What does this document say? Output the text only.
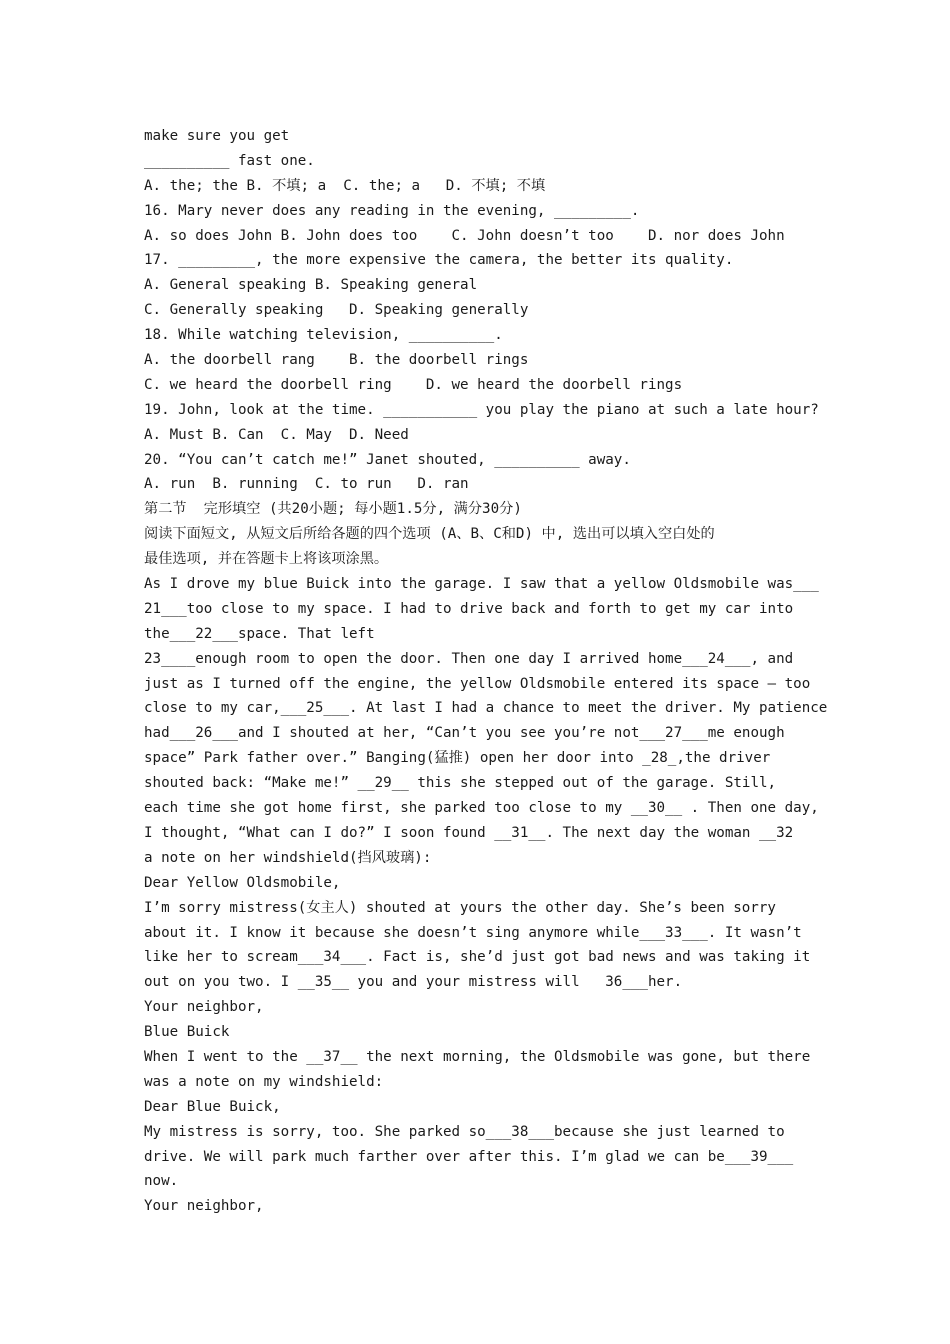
make sure you get
__________ fast one.
A. the; the B. 不填; a  C. the; a   D. 不填; 不填
16. Mary never does any reading in the evening, _________.
A. so does John B. John does too    C. John doesn’t too    D. nor does John
17. _________, the more expensive the camera, the better its quality.
A. General speaking B. Speaking general
C. Generally speaking   D. Speaking generally
18. While watching television, __________.
A. the doorbell rang    B. the doorbell rings
C. we heard the doorbell ring    D. we heard the doorbell rings
19. John, look at the time. ___________ you play the piano at such a late hour?
A. Must B. Can  C. May  D. Need
20. “You can’t catch me!” Janet shouted, __________ away.
A. run  B. running  C. to run   D. ran
第二节  完形填空 (共20小题; 每小题1.5分, 满分30分)
阅读下面短文, 从短文后所给各题的四个选项 (A、B、C和D) 中, 选出可以填入空白处的
最佳选项, 并在答题卡上将该项涂黑。
As I drove my blue Buick into the garage. I saw that a yellow Oldsmobile was___
21___too close to my space. I had to drive back and forth to get my car into
the___22___space. That left
23____enough room to open the door. Then one day I arrived home___24___, and
just as I turned off the engine, the yellow Oldsmobile entered its space — too
close to my car,___25___. At last I had a chance to meet the driver. My patience
had___26___and I shouted at her, “Can’t you see you’re not___27___me enough
space” Park father over.” Banging(猛推) open her door into _28_,the driver
shouted back: “Make me!” __29__ this she stepped out of the garage. Still,
each time she got home first, she parked too close to my __30__ . Then one day,
I thought, “What can I do?” I soon found __31__. The next day the woman __32
a note on her windshield(挡风玻璃):
Dear Yellow Oldsmobile,
I’m sorry mistress(女主人) shouted at yours the other day. She’s been sorry
about it. I know it because she doesn’t sing anymore while___33___. It wasn’t
like her to scream___34___. Fact is, she’d just got bad news and was taking it
out on you two. I __35__ you and your mistress will   36___her.
Your neighbor,
Blue Buick
When I went to the __37__ the next morning, the Oldsmobile was gone, but there
was a note on my windshield:
Dear Blue Buick,
My mistress is sorry, too. She parked so___38___because she just learned to
drive. We will park much farther over after this. I’m glad we can be___39___
now.
Your neighbor,
